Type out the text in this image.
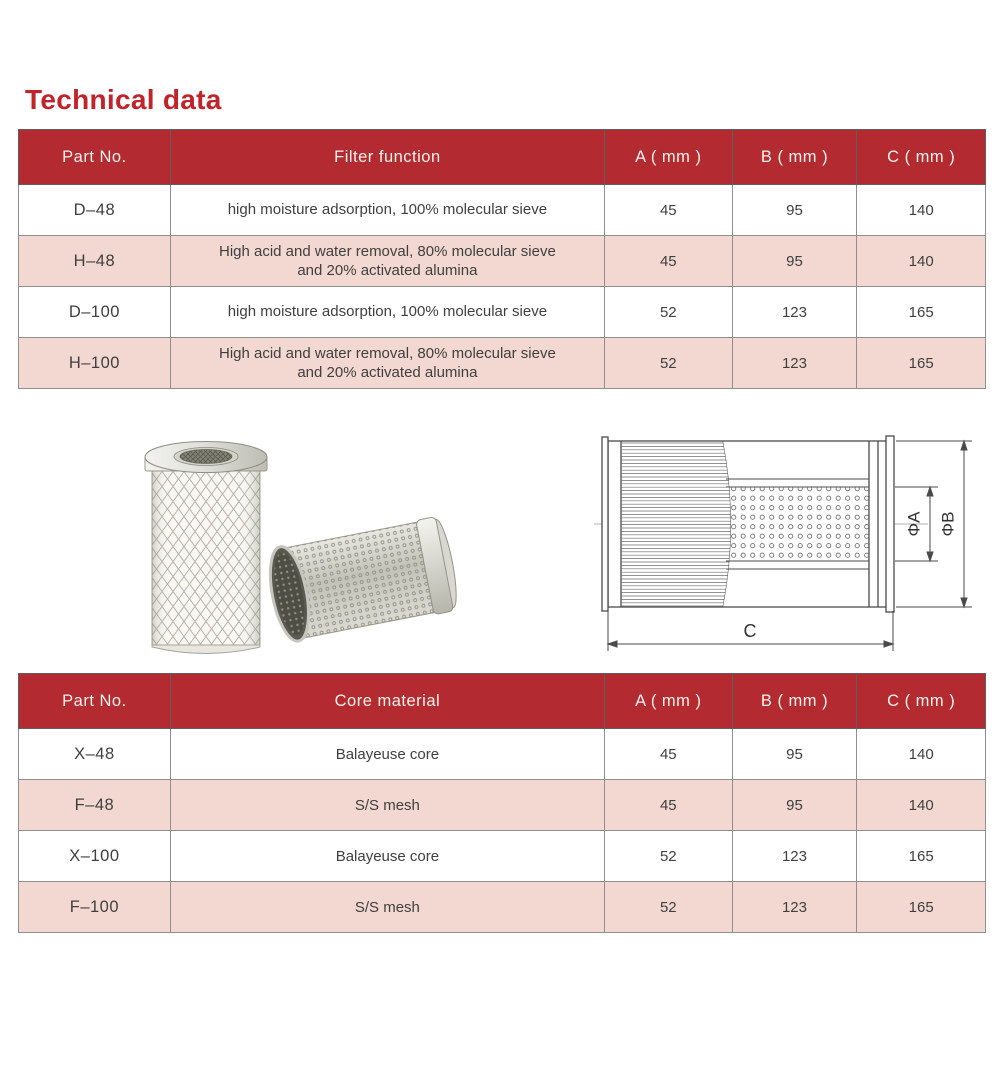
Technical data
Part No.	Filter function	A ( mm )	B ( mm )	C ( mm )
D–48	high moisture adsorption, 100% molecular sieve	45	95	140
H–48	High acid and water removal, 80% molecular sieve and 20% activated alumina	45	95	140
D–100	high moisture adsorption, 100% molecular sieve	52	123	165
H–100	High acid and water removal, 80% molecular sieve and 20% activated alumina	52	123	165
ΦA ΦB
C
Part No.	Core material	A ( mm )	B ( mm )	C ( mm )
X–48	Balayeuse core	45	95	140
F–48	S/S mesh	45	95	140
X–100	Balayeuse core	52	123	165
F–100	S/S mesh	52	123	165
